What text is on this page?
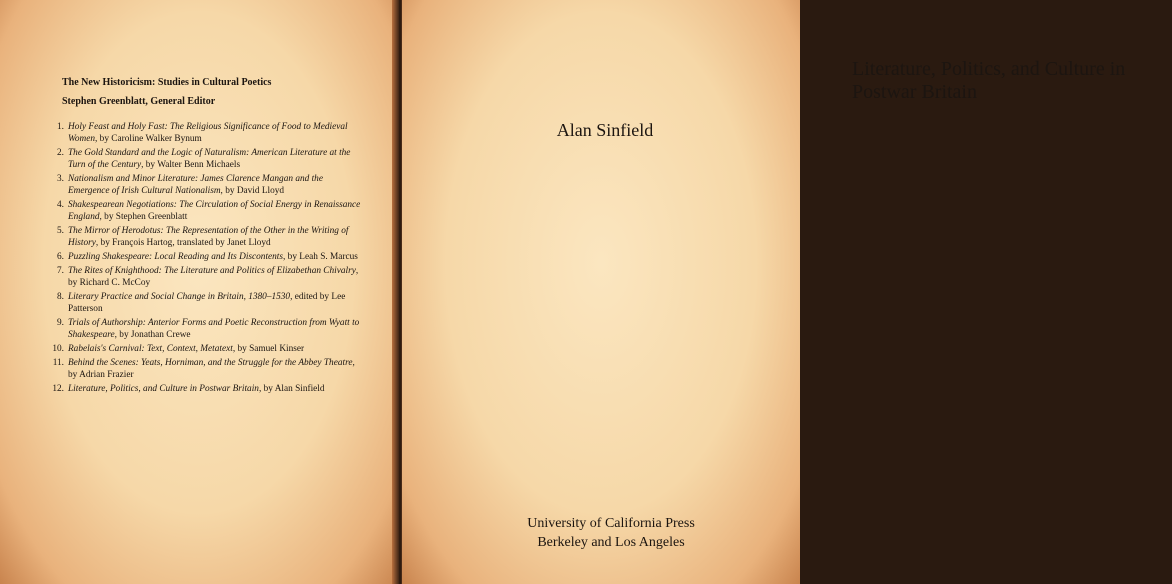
The New Historicism: Studies in Cultural Poetics

Stephen Greenblatt, General Editor

1. Holy Feast and Holy Fast: The Religious Significance of Food to Medieval Women, by Caroline Walker Bynum
2. The Gold Standard and the Logic of Naturalism: American Literature at the Turn of the Century, by Walter Benn Michaels
3. Nationalism and Minor Literature: James Clarence Mangan and the Emergence of Irish Cultural Nationalism, by David Lloyd
4. Shakespearean Negotiations: The Circulation of Social Energy in Renaissance England, by Stephen Greenblatt
5. The Mirror of Herodotus: The Representation of the Other in the Writing of History, by François Hartog, translated by Janet Lloyd
6. Puzzling Shakespeare: Local Reading and Its Discontents, by Leah S. Marcus
7. The Rites of Knighthood: The Literature and Politics of Elizabethan Chivalry, by Richard C. McCoy
8. Literary Practice and Social Change in Britain, 1380–1530, edited by Lee Patterson
9. Trials of Authorship: Anterior Forms and Poetic Reconstruction from Wyatt to Shakespeare, by Jonathan Crewe
10. Rabelais's Carnival: Text, Context, Metatext, by Samuel Kinser
11. Behind the Scenes: Yeats, Horniman, and the Struggle for the Abbey Theatre, by Adrian Frazier
12. Literature, Politics, and Culture in Postwar Britain, by Alan Sinfield
Literature, Politics, and Culture in Postwar Britain

Alan Sinfield

University of California Press
Berkeley and Los Angeles
